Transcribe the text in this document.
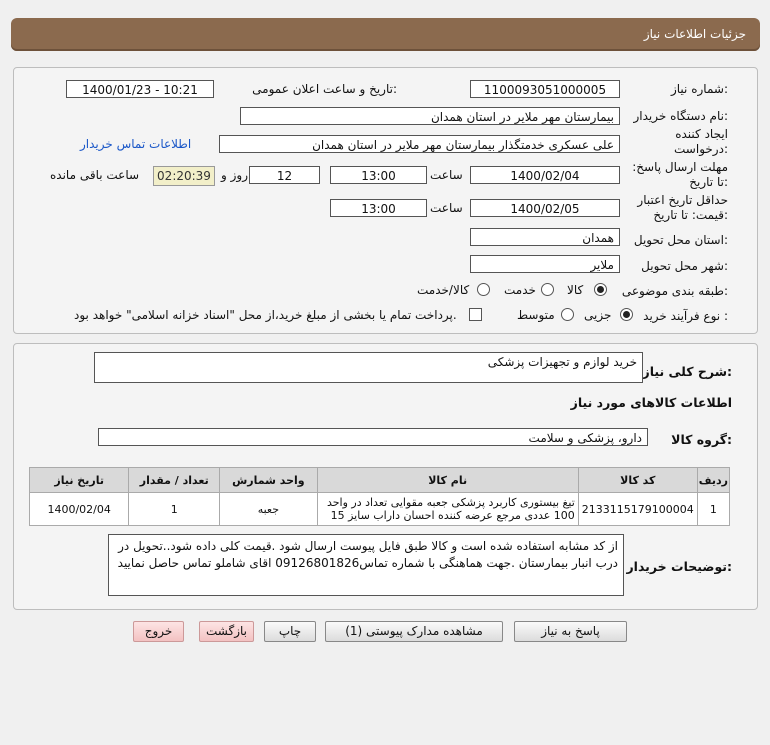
جزئیات اطلاعات نیاز
شماره نیاز:
1100093051000005
تاریخ و ساعت اعلان عمومی:
1400/01/23 - 10:21
نام دستگاه خریدار:
بیمارستان مهر ملایر در استان همدان
ایجاد کننده درخواست:
علی عسکری خدمتگذار بیمارستان مهر ملایر در استان همدان
اطلاعات تماس خریدار
مهلت ارسال پاسخ: تا تاریخ:
1400/02/04
ساعت
13:00
12
روز و
02:20:39
ساعت باقی مانده
حداقل تاریخ اعتبار قیمت: تا تاریخ:
1400/02/05
ساعت
13:00
استان محل تحویل:
همدان
شهر محل تحویل:
ملایر
طبقه بندی موضوعی:
کالا
خدمت
کالا/خدمت
نوع فرآیند خرید :
جزیی
متوسط
پرداخت تمام یا بخشی از مبلغ خرید،از محل "اسناد خزانه اسلامی" خواهد بود.
شرح کلی نیاز:
خرید لوازم و تجهیزات پزشکی
اطلاعات کالاهای مورد نیاز
گروه کالا:
دارو، پزشکی و سلامت
ردیف	کد کالا	نام کالا	واحد شمارش	تعداد / مقدار	تاریخ نیاز
1	2133115179100004	تیغ بیستوری کاربرد پزشکی جعبه مقوایی تعداد در واحد 100 عددی مرجع عرضه کننده احسان داراب سایز 15	جعبه	1	1400/02/04
توضیحات خریدار:
از کد مشابه استفاده شده است و کالا طبق فایل پیوست ارسال شود .قیمت کلی داده شود..تحویل در درب انبار بیمارستان .جهت هماهنگی با شماره تماس09126801826 اقای شاملو تماس حاصل نمایید
پاسخ به نیاز
مشاهده مدارک پیوستی (1)
چاپ
بازگشت
خروج
